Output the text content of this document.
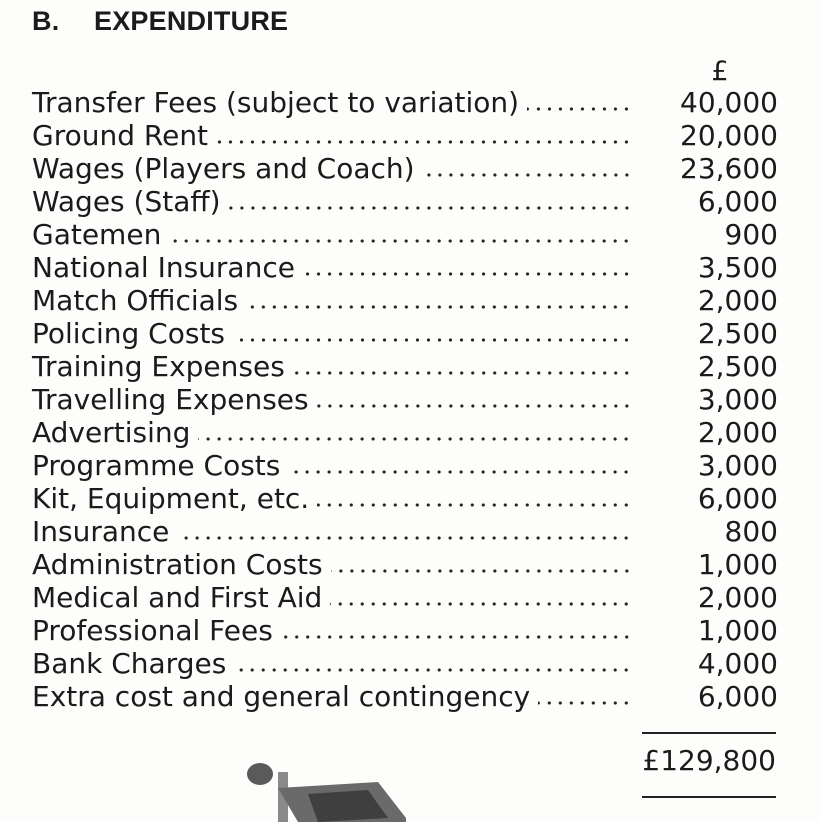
B. EXPENDITURE
£
Transfer Fees (subject to variation)	40,000
Ground Rent	20,000
Wages (Players and Coach)	23,600
Wages (Staff)	6,000
Gatemen	900
National Insurance	3,500
Match Officials	2,000
Policing Costs	2,500
Training Expenses	2,500
Travelling Expenses	3,000
Advertising	2,000
Programme Costs	3,000
Kit, Equipment, etc.	6,000
Insurance	800
Administration Costs	1,000
Medical and First Aid	2,000
Professional Fees	1,000
Bank Charges	4,000
Extra cost and general contingency	6,000
£129,800
